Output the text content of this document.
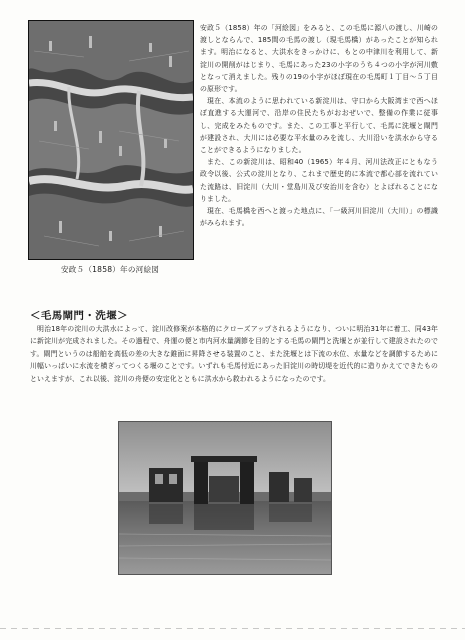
安政５（1858）年の河絵図

安政５（1858）年の「河絵図」をみると、この毛馬に源八の渡し、川崎の渡しとならんで、185間の毛馬の渡し（現毛馬橋）があったことが知られます。明治になると、大洪水をきっかけに、もとの中津川を利用して、新淀川の開削がはじまり、毛馬にあった23の小字のうち４つの小字が河川敷となって消えました。残りの19の小字がほぼ現在の毛馬町１丁目〜５丁目の原形です。

現在、本流のように思われている新淀川は、守口から大阪湾まで西へほぼ直進する大運河で、沿岸の住民たちがおおぜいで、整備の作業に従事し、完成をみたものです。また、この工事と平行して、毛馬に洗堰と閘門が建設され、大川には必要な平水量のみを流し、大川沿いを洪水から守ることができるようになりました。

また、この新淀川は、昭和40（1965）年４月、河川法改正にともなう政令以後、公式の淀川となり、これまで歴史的に本流で都心部を流れていた流路は、旧淀川（大川・堂島川及び安治川を含む）とよばれることになりました。

現在、毛馬橋を西へと渡った地点に、「一級河川旧淀川（大川）」の標識がみられます。

＜毛馬閘門・洗堰＞

明治18年の淀川の大洪水によって、淀川改修案が本格的にクローズアップされるようになり、ついに明治31年に着工、同43年に新淀川が完成されました。その過程で、舟運の便と市内河水量調節を目的とする毛馬の閘門と洗堰とが並行して建設されたのです。閘門というのは船舶を高低の差の大きな錐面に昇降させる装置のこと、また洗堰とは下流の水位、水量などを調節するために川幅いっぱいに水流を横ぎってつくる堰のことです。いずれも毛馬付近にあった旧淀川の時切堤を近代的に造りかえてできたものといえますが、これ以後、淀川の舟便の安定化とともに洪水から救われるようになったのです。
